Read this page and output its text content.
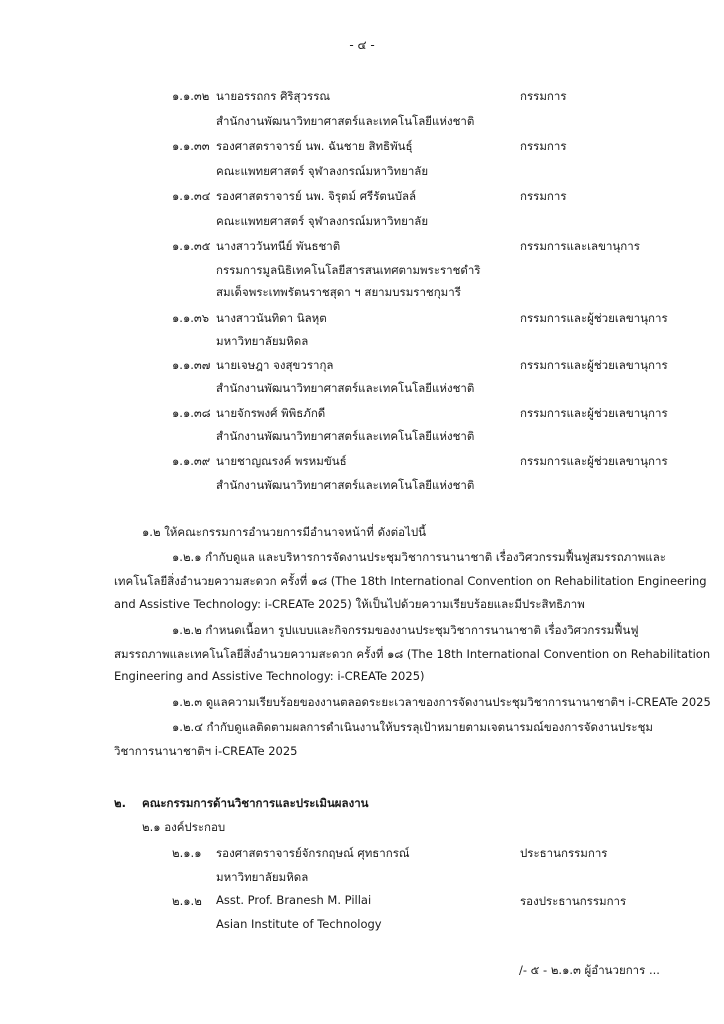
- ๔ -
๑.๑.๓๒ นายอรรถกร ศิริสุวรรณ	กรรมการ
สำนักงานพัฒนาวิทยาศาสตร์และเทคโนโลยีแห่งชาติ
๑.๑.๓๓ รองศาสตราจารย์ นพ. ฉันชาย สิทธิพันธุ์	กรรมการ
คณะแพทยศาสตร์ จุฬาลงกรณ์มหาวิทยาลัย
๑.๑.๓๔ รองศาสตราจารย์ นพ. จิรุตม์ ศรีรัตนบัลล์	กรรมการ
คณะแพทยศาสตร์ จุฬาลงกรณ์มหาวิทยาลัย
๑.๑.๓๕ นางสาววันทนีย์ พันธชาติ	กรรมการและเลขานุการ
กรรมการมูลนิธิเทคโนโลยีสารสนเทศตามพระราชดำริ
สมเด็จพระเทพรัตนราชสุดา ฯ สยามบรมราชกุมารี
๑.๑.๓๖ นางสาวนันทิดา นิลหุต	กรรมการและผู้ช่วยเลขานุการ
มหาวิทยาลัยมหิดล
๑.๑.๓๗ นายเจษฎา จงสุขวรากุล	กรรมการและผู้ช่วยเลขานุการ
สำนักงานพัฒนาวิทยาศาสตร์และเทคโนโลยีแห่งชาติ
๑.๑.๓๘ นายจักรพงศ์ พิพิธภักดี	กรรมการและผู้ช่วยเลขานุการ
สำนักงานพัฒนาวิทยาศาสตร์และเทคโนโลยีแห่งชาติ
๑.๑.๓๙ นายชาญณรงค์ พรหมขันธ์	กรรมการและผู้ช่วยเลขานุการ
สำนักงานพัฒนาวิทยาศาสตร์และเทคโนโลยีแห่งชาติ
๑.๒ ให้คณะกรรมการอำนวยการมีอำนาจหน้าที่ ดังต่อไปนี้
๑.๒.๑ กำกับดูแล และบริหารการจัดงานประชุมวิชาการนานาชาติ เรื่องวิศวกรรมฟื้นฟูสมรรถภาพและ
เทคโนโลยีสิ่งอำนวยความสะดวก ครั้งที่ ๑๘ (The 18th International Convention on Rehabilitation Engineering
and Assistive Technology: i-CREATe 2025) ให้เป็นไปด้วยความเรียบร้อยและมีประสิทธิภาพ
๑.๒.๒ กำหนดเนื้อหา รูปแบบและกิจกรรมของงานประชุมวิชาการนานาชาติ เรื่องวิศวกรรมฟื้นฟู
สมรรถภาพและเทคโนโลยีสิ่งอำนวยความสะดวก ครั้งที่ ๑๘ (The 18th International Convention on Rehabilitation
Engineering and Assistive Technology: i-CREATe 2025)
๑.๒.๓ ดูแลความเรียบร้อยของงานตลอดระยะเวลาของการจัดงานประชุมวิชาการนานาชาติฯ i-CREATe 2025
๑.๒.๔ กำกับดูแลติดตามผลการดำเนินงานให้บรรลุเป้าหมายตามเจตนารมณ์ของการจัดงานประชุม
วิชาการนานาชาติฯ i-CREATe 2025
๒. คณะกรรมการด้านวิชาการและประเมินผลงาน
๒.๑ องค์ประกอบ
๒.๑.๑ รองศาสตราจารย์จักรกฤษณ์ ศุทธากรณ์	ประธานกรรมการ
มหาวิทยาลัยมหิดล
๒.๑.๒ Asst. Prof. Branesh M. Pillai	รองประธานกรรมการ
Asian Institute of Technology
/- ๕ - ๒.๑.๓ ผู้อำนวยการ ...
